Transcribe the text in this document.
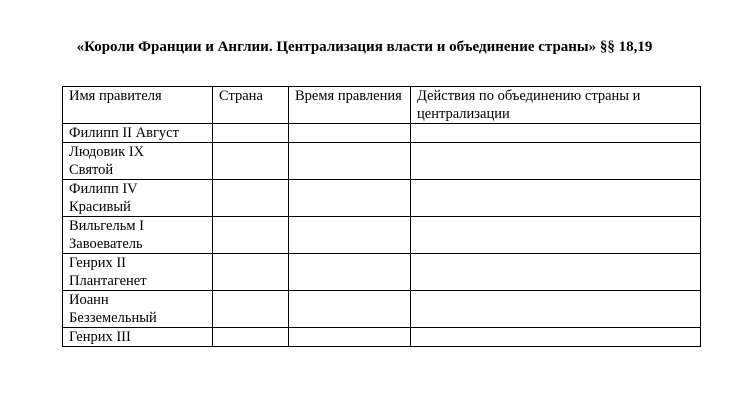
«Короли Франции и Англии. Централизация власти и объединение страны» §§ 18,19
Имя правителя	Страна	Время правления	Действия по объединению страны и централизации

Филипп II Август			

Людовик IX
Святой			

Филипп IV
Красивый			

Вильгельм I
Завоеватель			

Генрих II
Плантагенет			

Иоанн
Безземельный			

Генрих III			
